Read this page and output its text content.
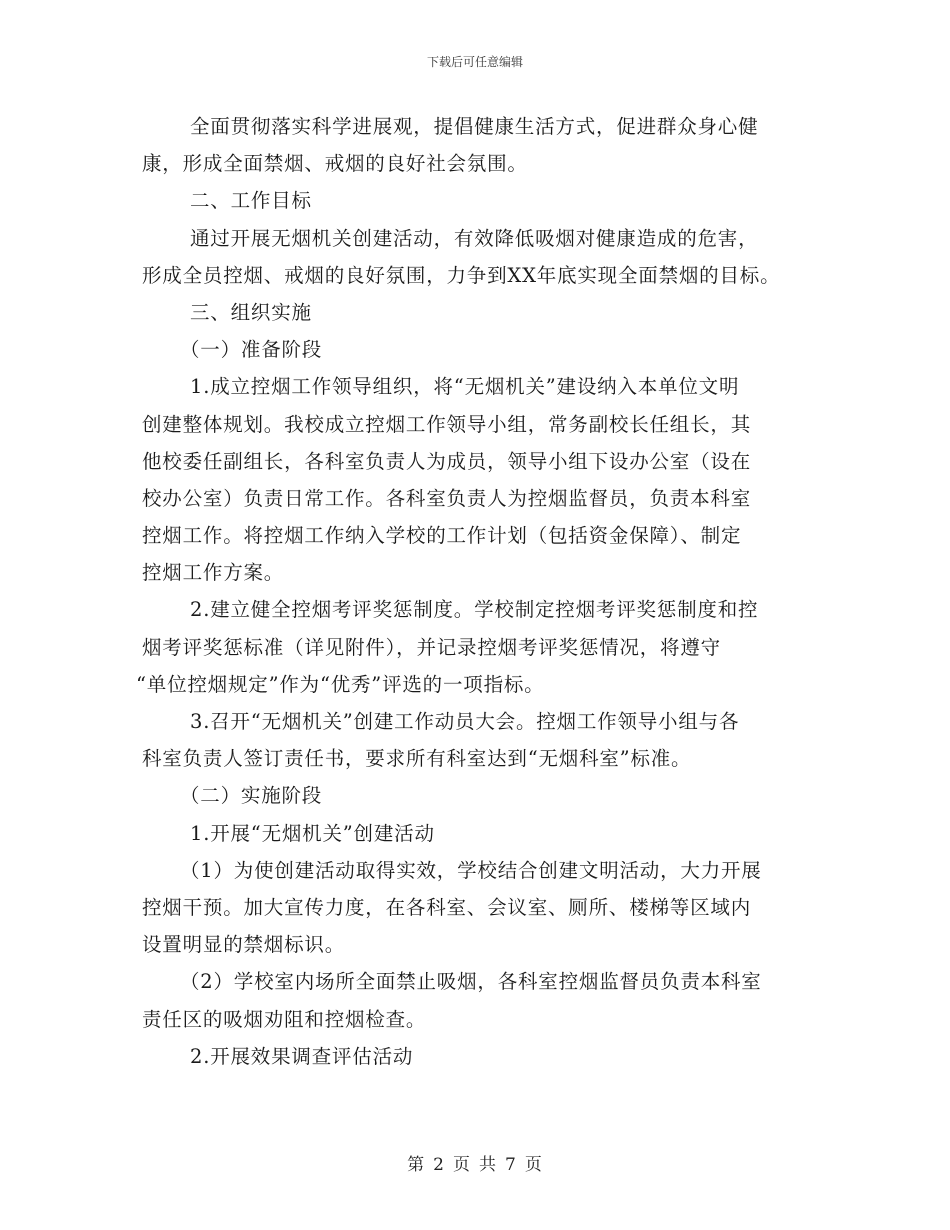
下载后可任意编辑
全面贯彻落实科学进展观，提倡健康生活方式，促进群众身心健
康，形成全面禁烟、戒烟的良好社会氛围。
二、工作目标
通过开展无烟机关创建活动，有效降低吸烟对健康造成的危害，
形成全员控烟、戒烟的良好氛围，力争到XX年底实现全面禁烟的目标。
三、组织实施
（一）准备阶段
1.成立控烟工作领导组织，将“无烟机关”建设纳入本单位文明
创建整体规划。我校成立控烟工作领导小组，常务副校长任组长，其
他校委任副组长，各科室负责人为成员，领导小组下设办公室（设在
校办公室）负责日常工作。各科室负责人为控烟监督员，负责本科室
控烟工作。将控烟工作纳入学校的工作计划（包括资金保障）、制定
控烟工作方案。
2.建立健全控烟考评奖惩制度。学校制定控烟考评奖惩制度和控
烟考评奖惩标准（详见附件），并记录控烟考评奖惩情况，将遵守
“单位控烟规定”作为“优秀”评选的一项指标。
3.召开“无烟机关”创建工作动员大会。控烟工作领导小组与各
科室负责人签订责任书，要求所有科室达到“无烟科室”标准。
（二）实施阶段
1.开展“无烟机关”创建活动
（1）为使创建活动取得实效，学校结合创建文明活动，大力开展
控烟干预。加大宣传力度，在各科室、会议室、厕所、楼梯等区域内
设置明显的禁烟标识。
（2）学校室内场所全面禁止吸烟，各科室控烟监督员负责本科室
责任区的吸烟劝阻和控烟检查。
2.开展效果调查评估活动
第 2 页 共 7 页
